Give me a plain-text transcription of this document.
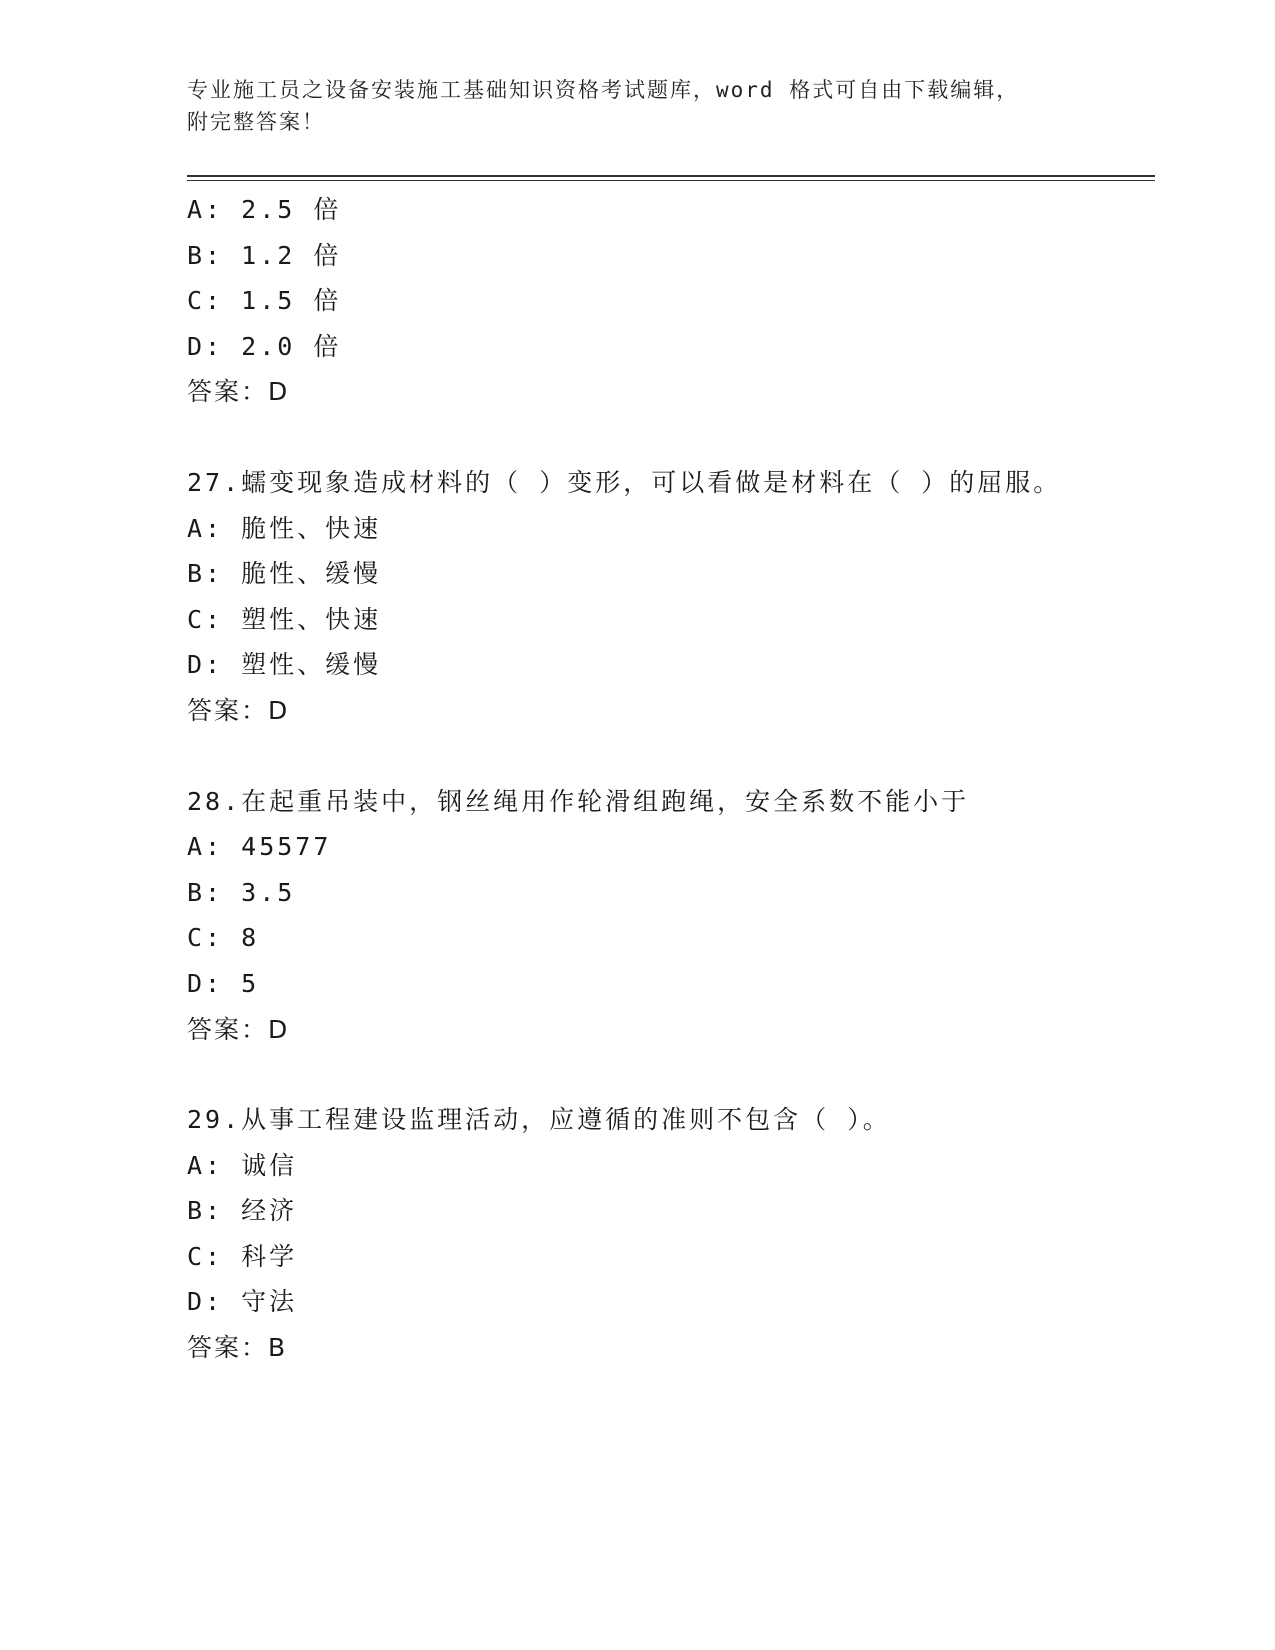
专业施工员之设备安装施工基础知识资格考试题库，word 格式可自由下载编辑，
附完整答案！
A: 2.5 倍
B: 1.2 倍
C: 1.5 倍
D: 2.0 倍
答案：D
27.蠕变现象造成材料的（ ）变形，可以看做是材料在（ ）的屈服。
A: 脆性、快速
B: 脆性、缓慢
C: 塑性、快速
D: 塑性、缓慢
答案：D
28.在起重吊装中，钢丝绳用作轮滑组跑绳，安全系数不能小于
A: 45577
B: 3.5
C: 8
D: 5
答案：D
29.从事工程建设监理活动，应遵循的准则不包含（ ）。
A: 诚信
B: 经济
C: 科学
D: 守法
答案：B
